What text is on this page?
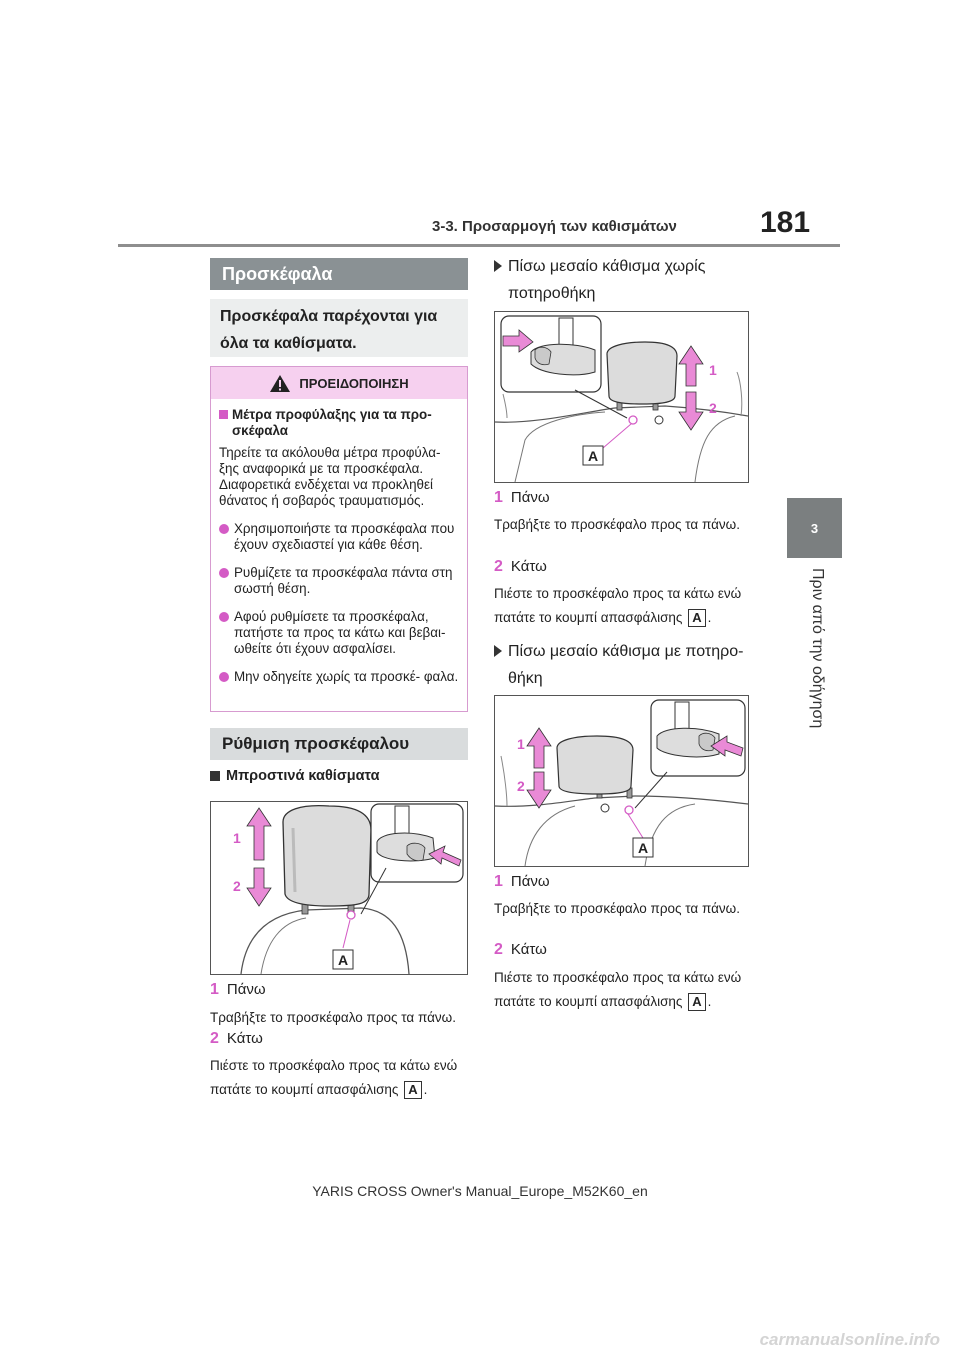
3-3. Προσαρμογή των καθισμάτων	181
3
Πριν από την οδήγηση
Προσκέφαλα
Προσκέφαλα παρέχονται για όλα τα καθίσματα.
ΠΡΟΕΙΔΟΠΟΙΗΣΗ
Μέτρα προφύλαξης για τα προ- σκέφαλα

Τηρείτε τα ακόλουθα μέτρα προφύλα- ξης αναφορικά με τα προσκέφαλα. Διαφορετικά ενδέχεται να προκληθεί θάνατος ή σοβαρός τραυματισμός.

Χρησιμοποιήστε τα προσκέφαλα που έχουν σχεδιαστεί για κάθε θέση.
Ρυθμίζετε τα προσκέφαλα πάντα στη σωστή θέση.
Αφού ρυθμίσετε τα προσκέφαλα, πατήστε τα προς τα κάτω και βεβαι- ωθείτε ότι έχουν ασφαλίσει.
Μην οδηγείτε χωρίς τα προσκέ- φαλα.
Ρύθμιση προσκέφαλου
Μπροστινά καθίσματα
1
2
A
1 Πάνω
Τραβήξτε το προσκέφαλο προς τα πάνω.
2 Κάτω
Πιέστε το προσκέφαλο προς τα κάτω ενώ
πατάτε το κουμπί απασφάλισης A .
Πίσω μεσαίο κάθισμα χωρίς ποτηροθήκη
1
2
A
1 Πάνω
Τραβήξτε το προσκέφαλο προς τα πάνω.
2 Κάτω
Πιέστε το προσκέφαλο προς τα κάτω ενώ
πατάτε το κουμπί απασφάλισης A .
Πίσω μεσαίο κάθισμα με ποτηρο- θήκη
1
2
A
1 Πάνω
Τραβήξτε το προσκέφαλο προς τα πάνω.
2 Κάτω
Πιέστε το προσκέφαλο προς τα κάτω ενώ
πατάτε το κουμπί απασφάλισης A .
YARIS CROSS Owner's Manual_Europe_M52K60_en
carmanualsonline.info
